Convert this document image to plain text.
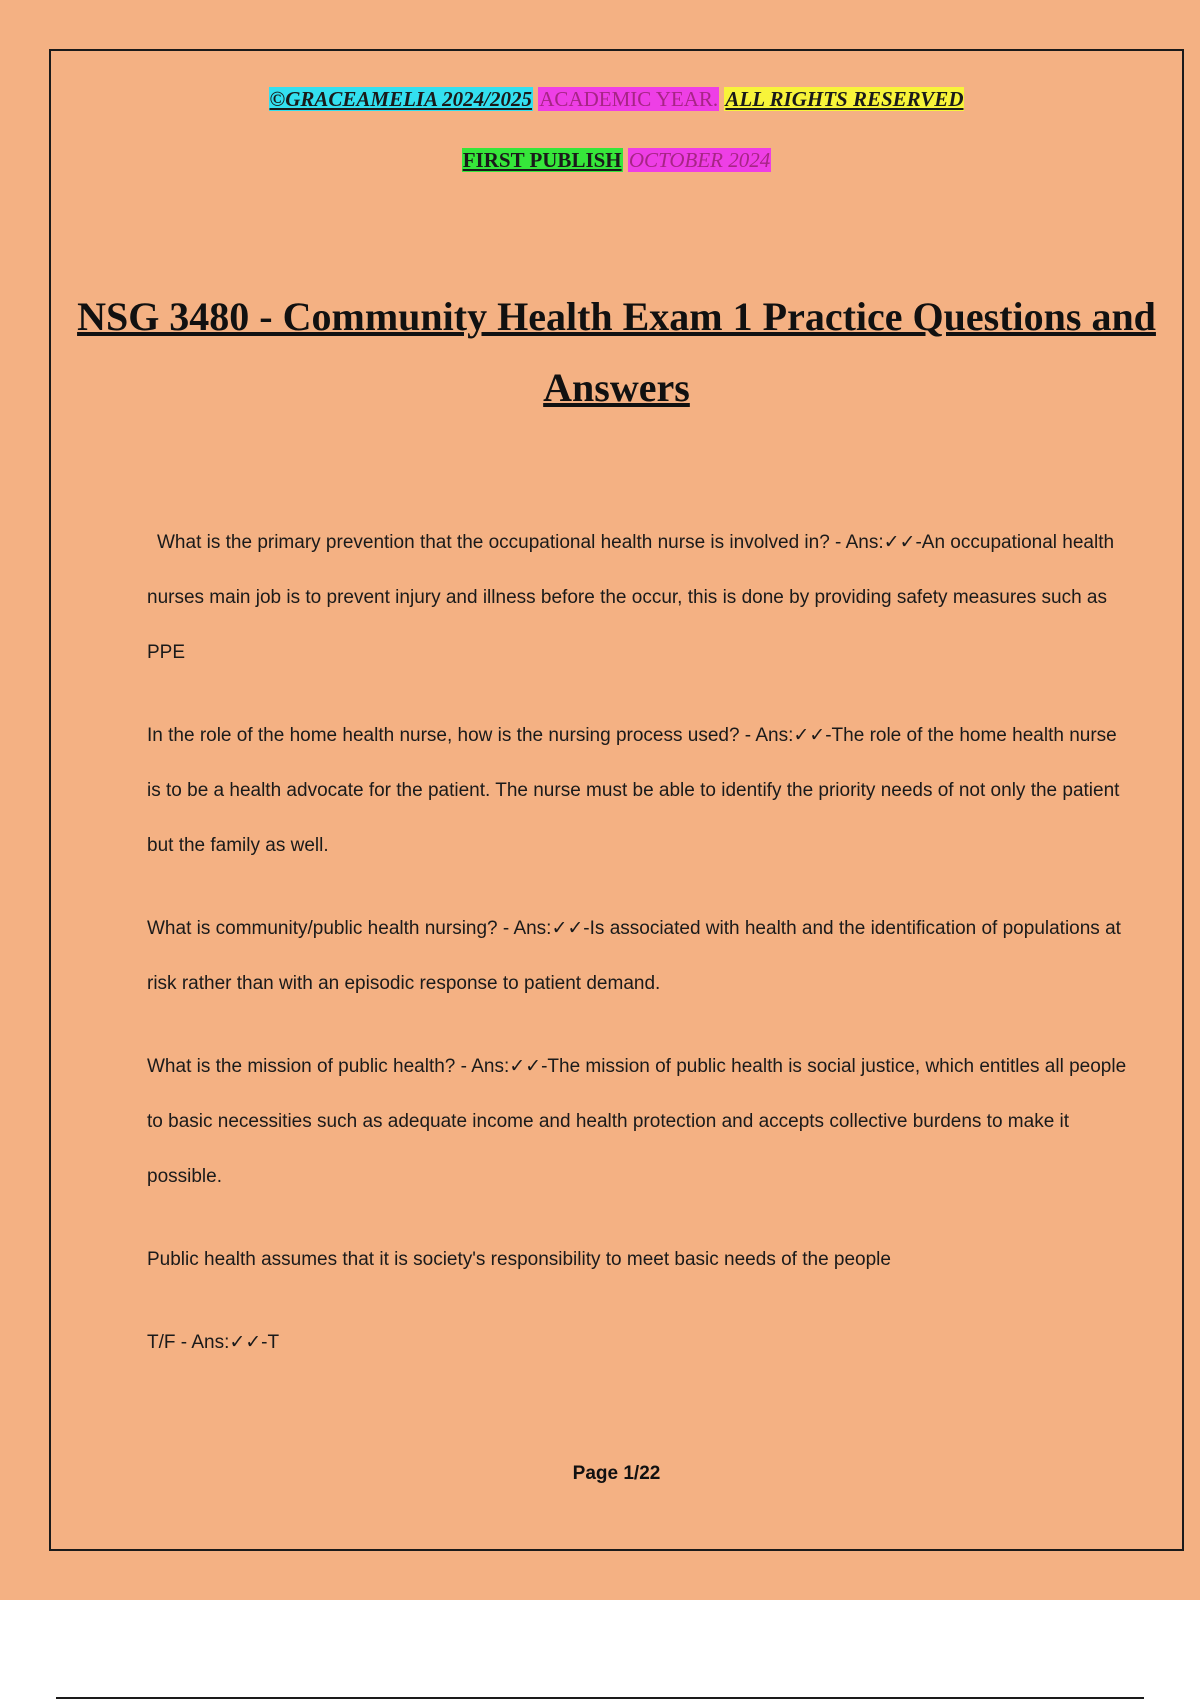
©GRACEAMELIA 2024/2025 ACADEMIC YEAR. ALL RIGHTS RESERVED
FIRST PUBLISH OCTOBER 2024
NSG 3480 - Community Health Exam 1 Practice Questions and Answers

What is the primary prevention that the occupational health nurse is involved in? - Ans:✓✓-An occupational health nurses main job is to prevent injury and illness before the occur, this is done by providing safety measures such as PPE

In the role of the home health nurse, how is the nursing process used? - Ans:✓✓-The role of the home health nurse is to be a health advocate for the patient. The nurse must be able to identify the priority needs of not only the patient but the family as well.

What is community/public health nursing? - Ans:✓✓-Is associated with health and the identification of populations at risk rather than with an episodic response to patient demand.

What is the mission of public health? - Ans:✓✓-The mission of public health is social justice, which entitles all people to basic necessities such as adequate income and health protection and accepts collective burdens to make it possible.

Public health assumes that it is society's responsibility to meet basic needs of the people

T/F - Ans:✓✓-T

Page 1/22
